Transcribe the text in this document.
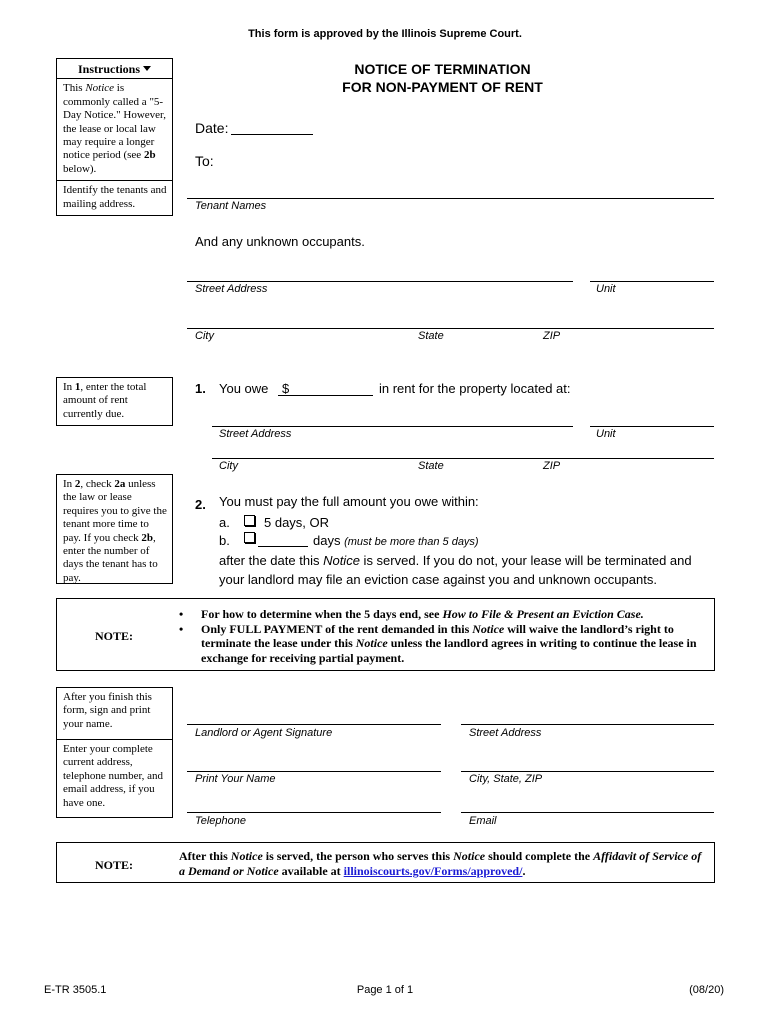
This form is approved by the Illinois Supreme Court.
NOTICE OF TERMINATION
FOR NON-PAYMENT OF RENT
Instructions
This Notice is commonly called a "5-Day Notice." However, the lease or local law may require a longer notice period (see 2b below).
Identify the tenants and mailing address.
Date:
To:
Tenant Names
And any unknown occupants.
Street Address	Unit
City	State	ZIP
In 1, enter the total amount of rent currently due.
1. You owe $	in rent for the property located at:
Street Address	Unit
City	State	ZIP
In 2, check 2a unless the law or lease requires you to give the tenant more time to pay. If you check 2b, enter the number of days the tenant has to pay.
2. You must pay the full amount you owe within:
a.	5 days, OR
b.	days (must be more than 5 days)
after the date this Notice is served. If you do not, your lease will be terminated and your landlord may file an eviction case against you and unknown occupants.
NOTE:
• For how to determine when the 5 days end, see How to File & Present an Eviction Case.
• Only FULL PAYMENT of the rent demanded in this Notice will waive the landlord’s right to terminate the lease under this Notice unless the landlord agrees in writing to continue the lease in exchange for receiving partial payment.
After you finish this form, sign and print your name.
Enter your complete current address, telephone number, and email address, if you have one.
Landlord or Agent Signature	Street Address
Print Your Name	City, State, ZIP
Telephone	Email
NOTE:
After this Notice is served, the person who serves this Notice should complete the Affidavit of Service of a Demand or Notice available at illinoiscourts.gov/Forms/approved/.
E-TR 3505.1	Page 1 of 1	(08/20)
